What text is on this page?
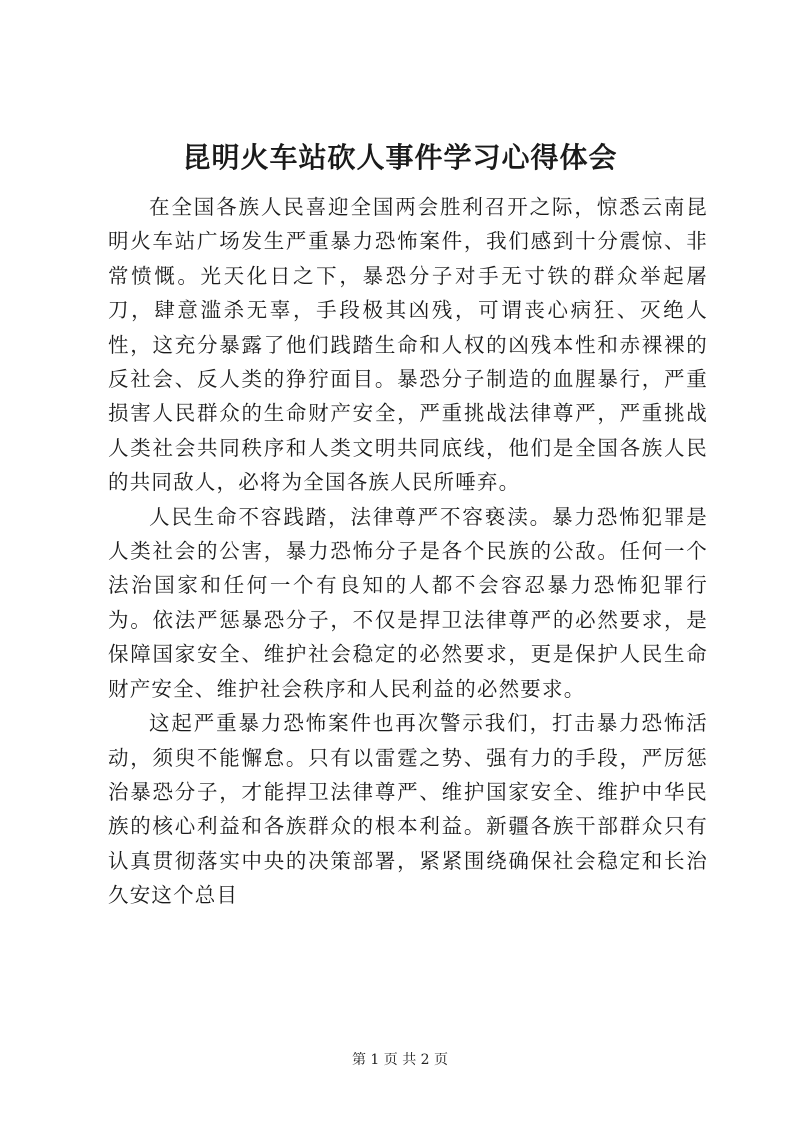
昆明火车站砍人事件学习心得体会

在全国各族人民喜迎全国两会胜利召开之际，惊悉云南昆明火车站广场发生严重暴力恐怖案件，我们感到十分震惊、非常愤慨。光天化日之下，暴恐分子对手无寸铁的群众举起屠刀，肆意滥杀无辜，手段极其凶残，可谓丧心病狂、灭绝人性，这充分暴露了他们践踏生命和人权的凶残本性和赤裸裸的反社会、反人类的狰狞面目。暴恐分子制造的血腥暴行，严重损害人民群众的生命财产安全，严重挑战法律尊严，严重挑战人类社会共同秩序和人类文明共同底线，他们是全国各族人民的共同敌人，必将为全国各族人民所唾弃。

人民生命不容践踏，法律尊严不容亵渎。暴力恐怖犯罪是人类社会的公害，暴力恐怖分子是各个民族的公敌。任何一个法治国家和任何一个有良知的人都不会容忍暴力恐怖犯罪行为。依法严惩暴恐分子，不仅是捍卫法律尊严的必然要求，是保障国家安全、维护社会稳定的必然要求，更是保护人民生命财产安全、维护社会秩序和人民利益的必然要求。

这起严重暴力恐怖案件也再次警示我们，打击暴力恐怖活动，须臾不能懈怠。只有以雷霆之势、强有力的手段，严厉惩治暴恐分子，才能捍卫法律尊严、维护国家安全、维护中华民族的核心利益和各族群众的根本利益。新疆各族干部群众只有认真贯彻落实中央的决策部署，紧紧围绕确保社会稳定和长治久安这个总目

第 1 页 共 2 页
